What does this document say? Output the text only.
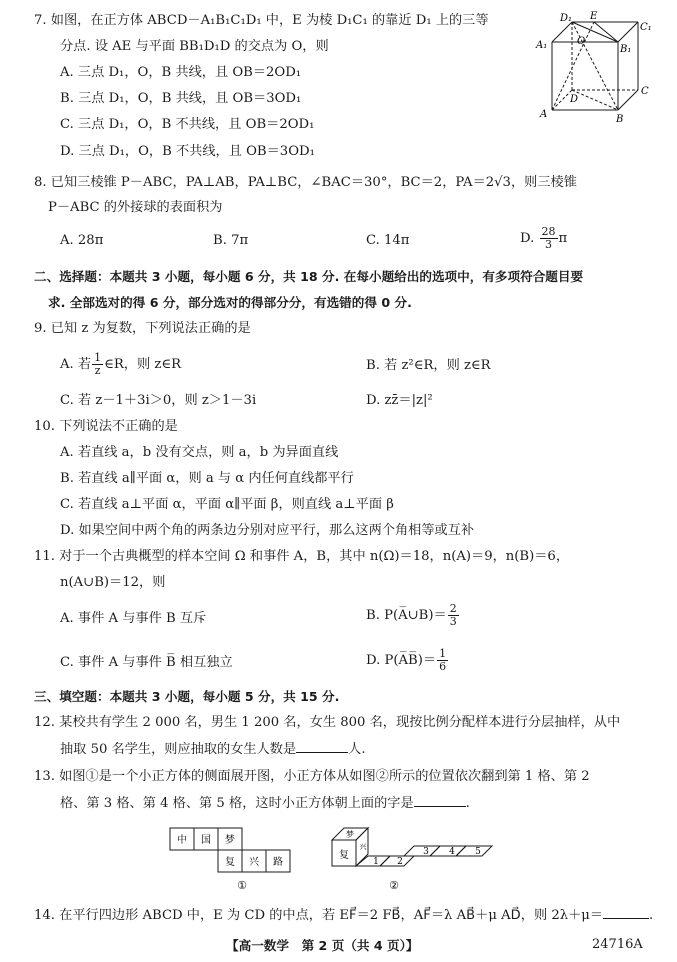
7. 如图，在正方体 ABCD－A₁B₁C₁D₁ 中，E 为棱 D₁C₁ 的靠近 D₁ 上的三等
分点. 设 AE 与平面 BB₁D₁D 的交点为 O，则
A. 三点 D₁，O，B 共线，且 OB＝2OD₁
B. 三点 D₁，O，B 共线，且 OB＝3OD₁
C. 三点 D₁，O，B 不共线，且 OB＝2OD₁
D. 三点 D₁，O，B 不共线，且 OB＝3OD₁
D₁ E
C₁
A₁	O
B₁
D
C
A	B
8. 已知三棱锥 P－ABC，PA⊥AB，PA⊥BC，∠BAC＝30°，BC＝2，PA＝2√3，则三棱锥
P－ABC 的外接球的表面积为
A. 28π	B. 7π	C. 14π	D. $\frac{28}{3}$ π
二、选择题：本题共 3 小题，每小题 6 分，共 18 分. 在每小题给出的选项中，有多项符合题目要
求. 全部选对的得 6 分，部分选对的得部分分，有选错的得 0 分.
9. 已知 z 为复数，下列说法正确的是
A. 若 $\frac{1}{z}$ ∈R，则 z∈R	B. 若 z²∈R，则 z∈R
C. 若 z－1＋3i＞0，则 z＞1－3i	D. zz̄＝|z|²
10. 下列说法不正确的是
A. 若直线 a，b 没有交点，则 a，b 为异面直线
B. 若直线 a∥平面 α，则 a 与 α 内任何直线都平行
C. 若直线 a⊥平面 α，平面 α∥平面 β，则直线 a⊥平面 β
D. 如果空间中两个角的两条边分别对应平行，那么这两个角相等或互补
11. 对于一个古典概型的样本空间 Ω 和事件 A，B，其中 n(Ω)＝18，n(A)＝9，n(B)＝6，
n(A∪B)＝12，则
A. 事件 A 与事件 B 互斥	B. P(A̅∪B)＝ $\frac{2}{3}$
C. 事件 A 与事件 B̅ 相互独立	D. P(A̅B̅)＝ $\frac{1}{6}$
三、填空题：本题共 3 小题，每小题 5 分，共 15 分.
12. 某校共有学生 2 000 名，男生 1 200 名，女生 800 名，现按比例分配样本进行分层抽样，从中
抽取 50 名学生，则应抽取的女生人数是	人.
13. 如图①是一个小正方体的侧面展开图，小正方体从如图②所示的位置依次翻到第 1 格、第 2
格、第 3 格、第 4 格、第 5 格，这时小正方体朝上面的字是	.
中 国 梦
复 兴 路
①
梦
复
兴
1 2
3 4 5
②
14. 在平行四边形 ABCD 中，E 为 CD 的中点，若 EF⃗＝2 FB⃗，AF⃗＝λ AB⃗＋μ AD⃗，则 2λ＋μ＝	.
【高一数学　第 2 页（共 4 页）】	24716A
